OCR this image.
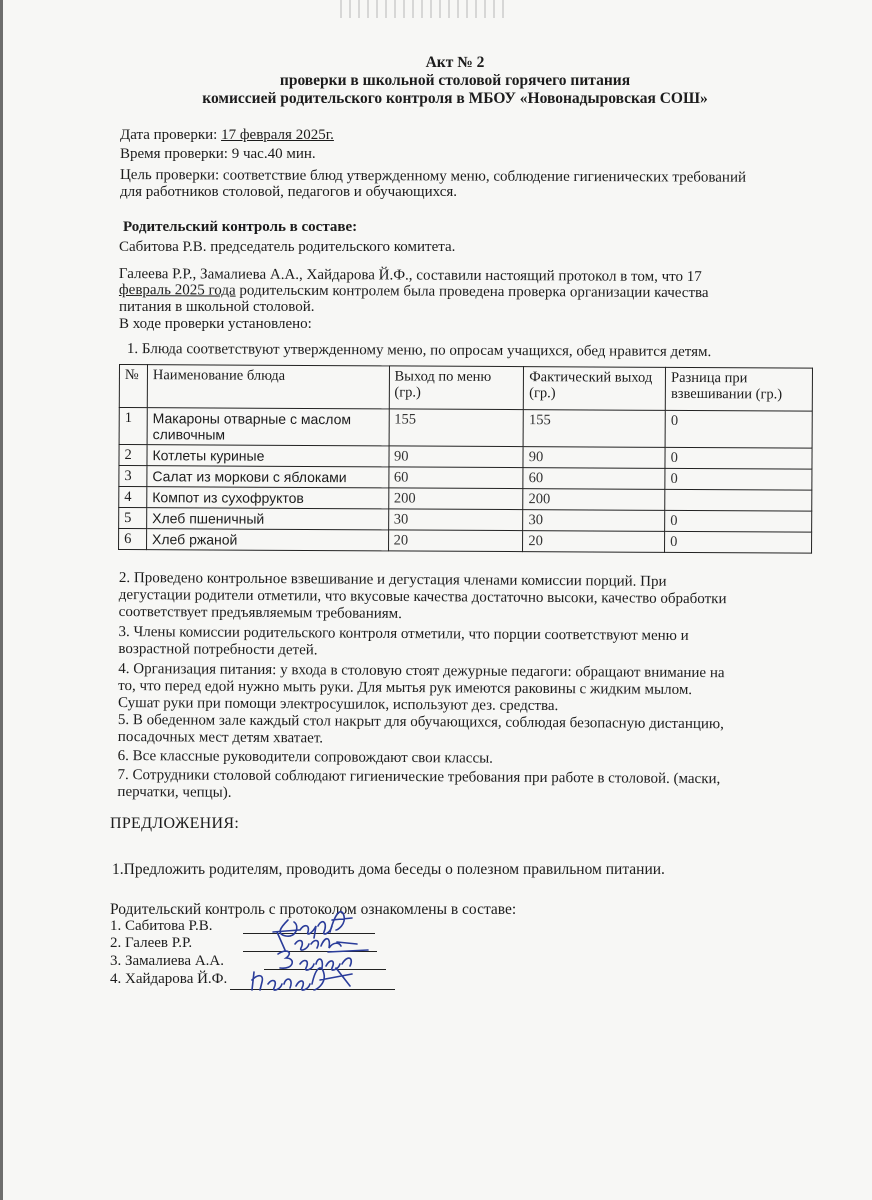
Акт № 2
проверки в школьной столовой горячего питания
комиссией родительского контроля в МБОУ «Новонадыровская СОШ»
Дата проверки: 17 февраля 2025г.
Время проверки: 9 час.40 мин.
Цель проверки: соответствие блюд утвержденному меню, соблюдение гигиенических требований
для работников столовой, педагогов и обучающихся.
Родительский контроль в составе:
Сабитова Р.В. председатель родительского комитета.
Галеева Р.Р., Замалиева А.А., Хайдарова Й.Ф., составили настоящий протокол в том, что 17
февраль 2025 года родительским контролем была проведена проверка организации качества
питания в школьной столовой.
В ходе проверки установлено:
1. Блюда соответствуют утвержденному меню, по опросам учащихся, обед нравится детям.
№	Наименование блюда	Выход по меню (гр.)	Фактический выход (гр.)	Разница при взвешивании (гр.)
1	Макароны отварные с маслом сливочным	155	155	0
2	Котлеты куриные	90	90	0
3	Салат из моркови с яблоками	60	60	0
4	Компот из сухофруктов	200	200	
5	Хлеб пшеничный	30	30	0
6	Хлеб ржаной	20	20	0
2. Проведено контрольное взвешивание и дегустация членами комиссии порций. При
дегустации родители отметили, что вкусовые качества достаточно высоки, качество обработки
соответствует предъявляемым требованиям.
3. Члены комиссии родительского контроля отметили, что порции соответствуют меню и
возрастной потребности детей.
4. Организация питания: у входа в столовую стоят дежурные педагоги: обращают внимание на
то, что перед едой нужно мыть руки. Для мытья рук имеются раковины с жидким мылом.
Сушат руки при помощи электросушилок, используют дез. средства.
5. В обеденном зале каждый стол накрыт для обучающихся, соблюдая безопасную дистанцию,
посадочных мест детям хватает.
6. Все классные руководители сопровождают свои классы.
7. Сотрудники столовой соблюдают гигиенические требования при работе в столовой. (маски,
перчатки, чепцы).
ПРЕДЛОЖЕНИЯ:
1.Предложить родителям, проводить дома беседы о полезном правильном питании.
Родительский контроль с протоколом ознакомлены в составе:
1. Сабитова Р.В.
2. Галеев Р.Р.
3. Замалиева А.А.
4. Хайдарова Й.Ф.
